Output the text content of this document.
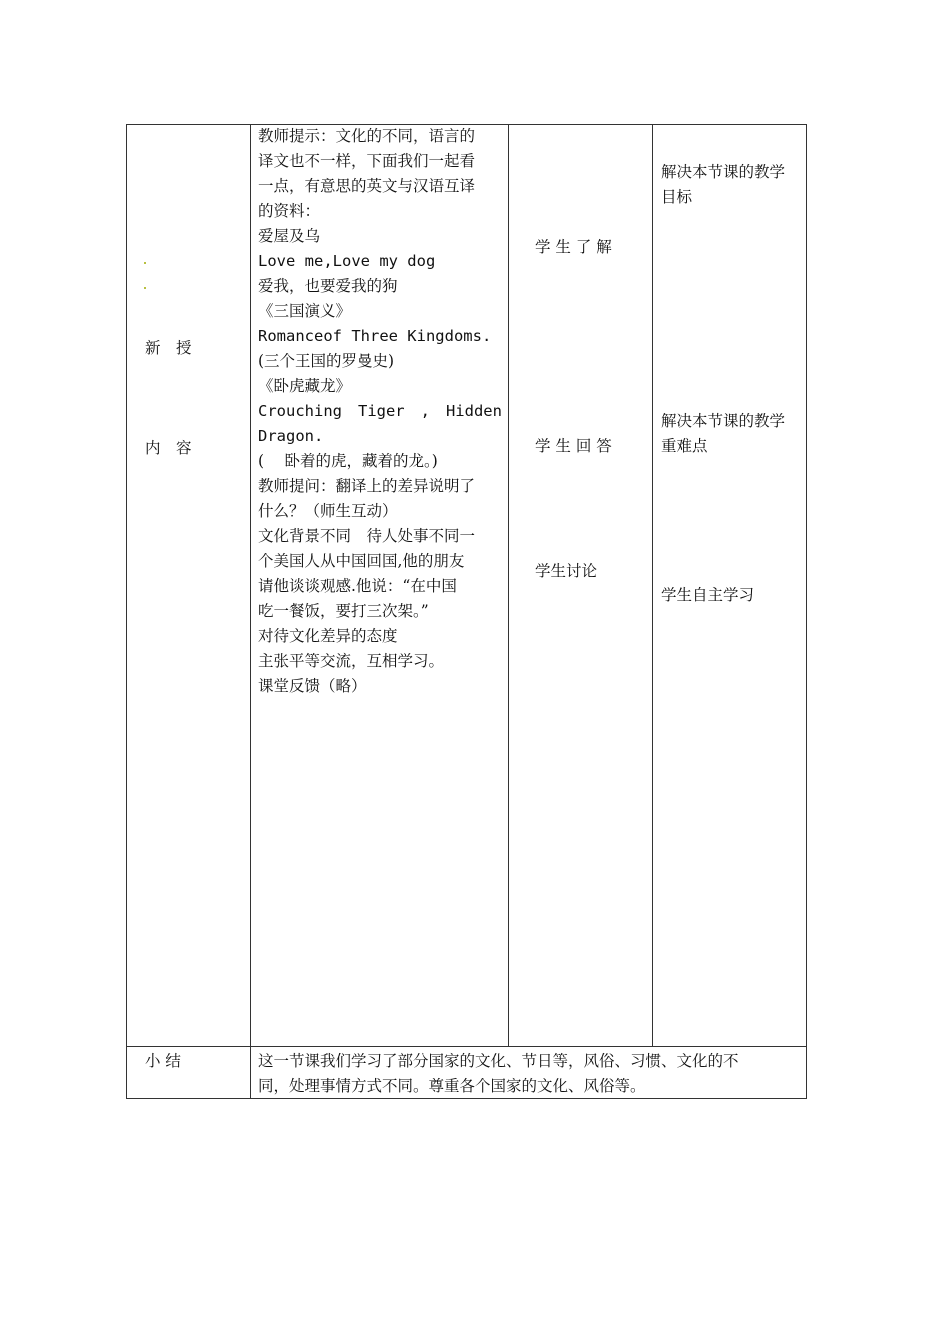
新　授
内　容
教师提示：文化的不同，语言的
译文也不一样，下面我们一起看
一点，有意思的英文与汉语互译
的资料：
爱屋及乌
Love me,Love my dog
爱我，也要爱我的狗
《三国演义》
Romanceof Three Kingdoms.
(三个王国的罗曼史)
《卧虎藏龙》
Crouching Tiger , Hidden
Dragon.
(　 卧着的虎，藏着的龙。)
教师提问：翻译上的差异说明了
什么？（师生互动）
文化背景不同　待人处事不同一
个美国人从中国回国,他的朋友
请他谈谈观感.他说：“在中国
吃一餐饭，要打三次架。”
对待文化差异的态度
主张平等交流，互相学习。
课堂反馈（略）
学 生 了 解
学 生 回 答
学生讨论
解决本节课的教学
目标
解决本节课的教学
重难点
学生自主学习
小 结	这一节课我们学习了部分国家的文化、节日等，风俗、习惯、文化的不
同，处理事情方式不同。尊重各个国家的文化、风俗等。
